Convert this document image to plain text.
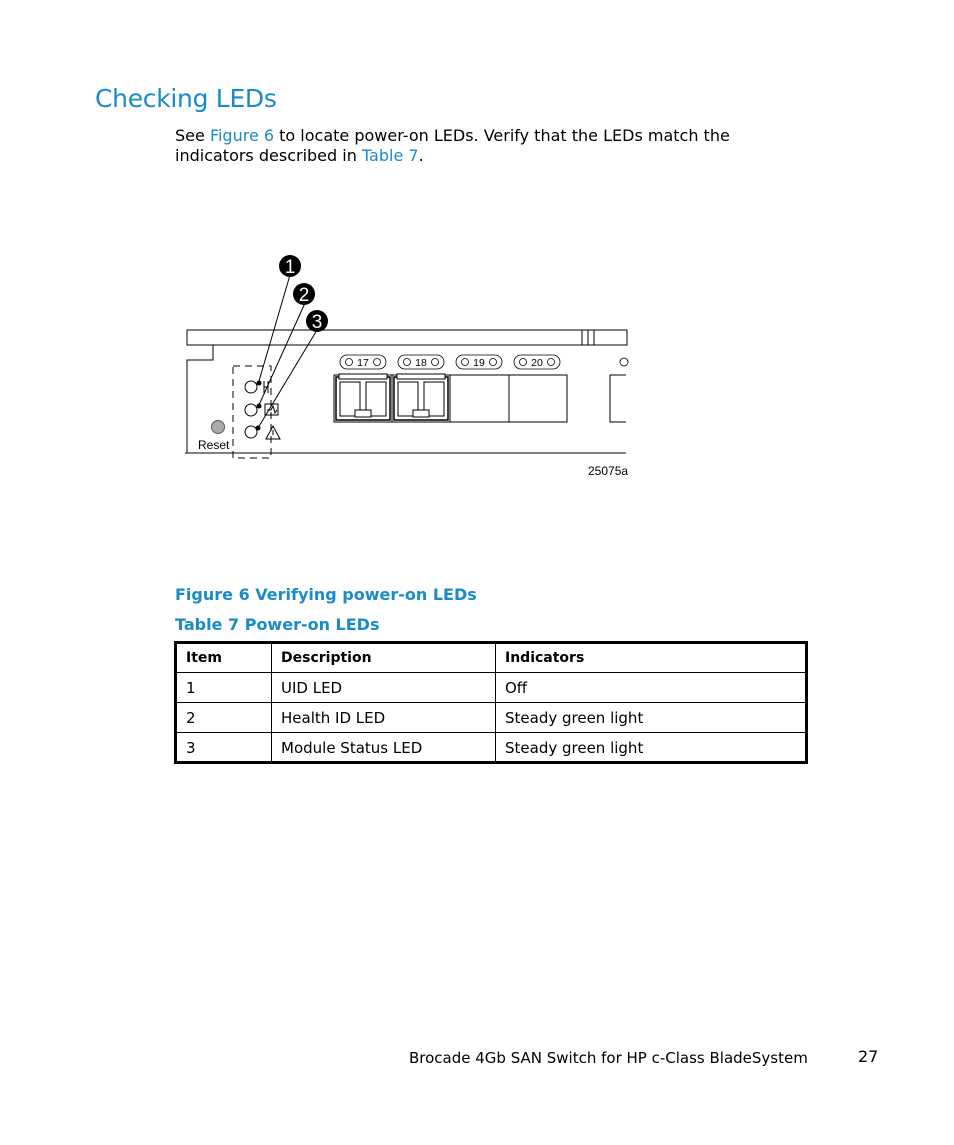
Checking LEDs

See Figure 6 to locate power-on LEDs. Verify that the LEDs match the indicators described in Table 7.

Reset
1
2
3
17	18	19	20
25075a

Figure 6 Verifying power-on LEDs

Table 7 Power-on LEDs

Item	Description	Indicators
1	UID LED	Off
2	Health ID LED	Steady green light
3	Module Status LED	Steady green light
Brocade 4Gb SAN Switch for HP c-Class BladeSystem	27
